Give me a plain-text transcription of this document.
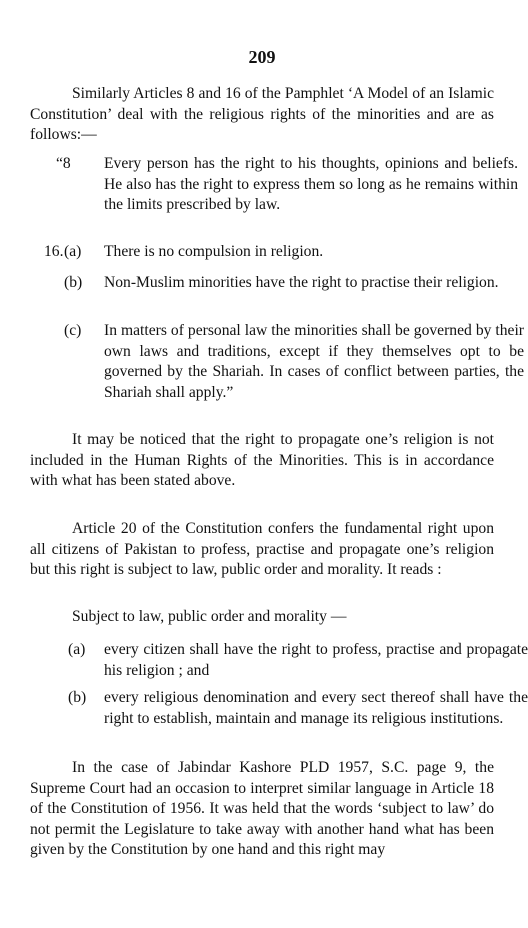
209

Similarly Articles 8 and 16 of the Pamphlet ‘A Model of an Islamic Constitution’ deal with the religious rights of the minorities and are as follows:—

“8 Every person has the right to his thoughts, opinions and beliefs. He also has the right to express them so long as he remains within the limits prescribed by law.
16. (a) There is no compulsion in religion.
(b) Non-Muslim minorities have the right to practise their religion.
(c) In matters of personal law the minorities shall be governed by their own laws and traditions, except if they themselves opt to be governed by the Shariah. In cases of conflict between parties, the Shariah shall apply.”

It may be noticed that the right to propagate one’s religion is not included in the Human Rights of the Minorities. This is in accordance with what has been stated above.

Article 20 of the Constitution confers the fundamental right upon all citizens of Pakistan to profess, practise and propagate one’s religion but this right is subject to law, public order and morality. It reads :

Subject to law, public order and morality —

(a) every citizen shall have the right to profess, practise and propagate his religion ; and
(b) every religious denomination and every sect thereof shall have the right to establish, maintain and manage its religious institutions.

In the case of Jabindar Kashore PLD 1957, S.C. page 9, the Supreme Court had an occasion to interpret similar language in Article 18 of the Constitution of 1956. It was held that the words ‘subject to law’ do not permit the Legislature to take away with another hand what has been given by the Constitution by one hand and this right may
